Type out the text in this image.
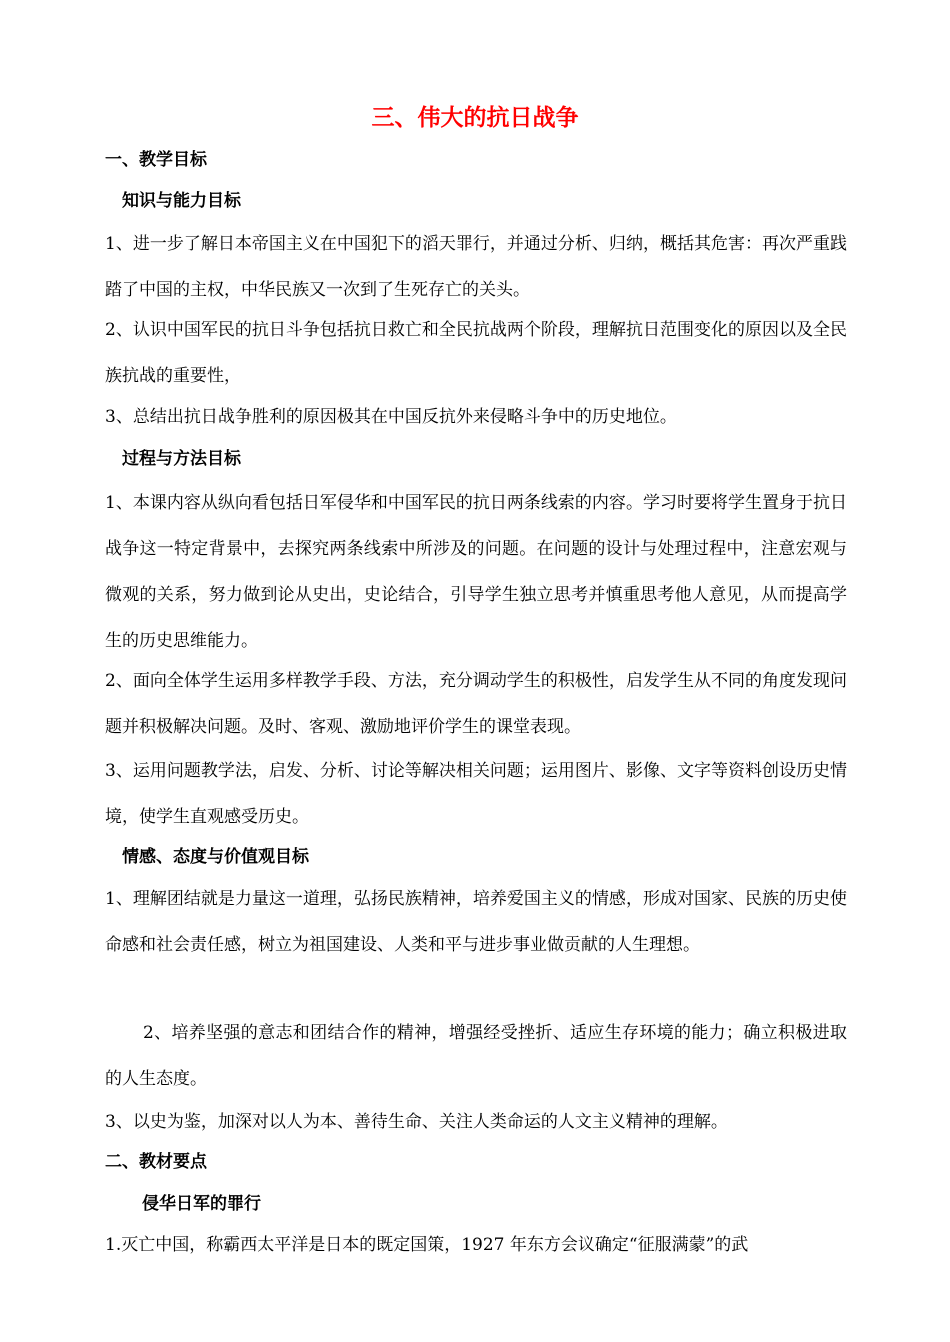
三、伟大的抗日战争
一、教学目标
知识与能力目标

1、进一步了解日本帝国主义在中国犯下的滔天罪行，并通过分析、归纳，概括其危害：再次严重践踏了中国的主权，中华民族又一次到了生死存亡的关头。

2、认识中国军民的抗日斗争包括抗日救亡和全民抗战两个阶段，理解抗日范围变化的原因以及全民族抗战的重要性，

3、总结出抗日战争胜利的原因极其在中国反抗外来侵略斗争中的历史地位。

过程与方法目标

1、本课内容从纵向看包括日军侵华和中国军民的抗日两条线索的内容。学习时要将学生置身于抗日战争这一特定背景中，去探究两条线索中所涉及的问题。在问题的设计与处理过程中，注意宏观与微观的关系，努力做到论从史出，史论结合，引导学生独立思考并慎重思考他人意见，从而提高学生的历史思维能力。

2、面向全体学生运用多样教学手段、方法，充分调动学生的积极性，启发学生从不同的角度发现问题并积极解决问题。及时、客观、激励地评价学生的课堂表现。

3、运用问题教学法，启发、分析、讨论等解决相关问题；运用图片、影像、文字等资料创设历史情境，使学生直观感受历史。

情感、态度与价值观目标

1、理解团结就是力量这一道理，弘扬民族精神，培养爱国主义的情感，形成对国家、民族的历史使命感和社会责任感，树立为祖国建设、人类和平与进步事业做贡献的人生理想。

2、培养坚强的意志和团结合作的精神，增强经受挫折、适应生存环境的能力；确立积极进取的人生态度。

3、以史为鉴，加深对以人为本、善待生命、关注人类命运的人文主义精神的理解。

二、教材要点
侵华日军的罪行

1.灭亡中国，称霸西太平洋是日本的既定国策，1927 年东方会议确定“征服满蒙”的武
